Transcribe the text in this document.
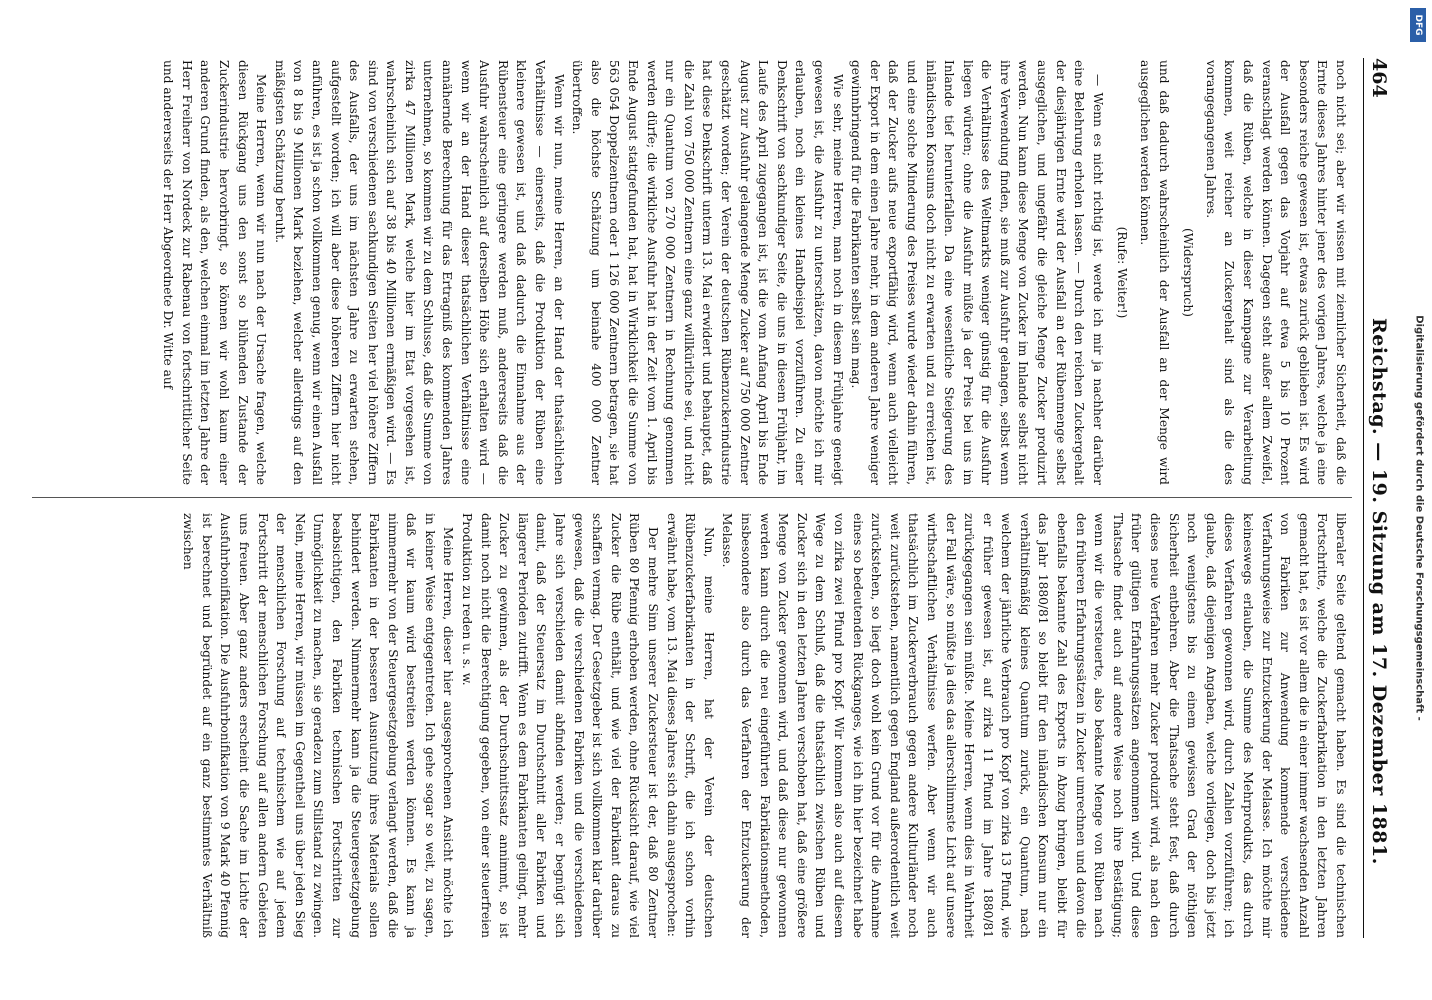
464
Reichstag. — 19. Sitzung am 17. Dezember 1881.

noch nicht sei; aber wir wissen mit ziemlicher Sicherheit, daß die Ernte dieses Jahres hinter jener des vorigen Jahres, welche ja eine besonders reiche gewesen ist, etwas zurück geblieben ist. Es wird der Ausfall gegen das Vorjahr auf etwa 5 bis 10 Prozent veranschlagt werden können. Dagegen steht außer allem Zweifel, daß die Rüben, welche in dieser Kampagne zur Verarbeitung kommen, weit reicher an Zuckergehalt sind als die des vorangegangenen Jahres.

(Widerspruch)

und daß dadurch wahrscheinlich der Ausfall an der Menge wird ausgeglichen werden können.

(Rufe: Weiter!)

— Wenn es nicht richtig ist, werde ich mir ja nachher darüber eine Belehrung erholen lassen. — Durch den reichen Zuckergehalt der diesjährigen Ernte wird der Ausfall an der Rübenmenge selbst ausgeglichen, und ungefähr die gleiche Menge Zucker produzirt werden. Nun kann diese Menge von Zucker im Inlande selbst nicht ihre Verwendung finden, sie muß zur Ausfuhr gelangen, selbst wenn die Verhältnisse des Weltmarkts weniger günstig für die Ausfuhr liegen würden; ohne die Ausfuhr müßte ja der Preis bei uns im Inlande tief herunterfallen. Da eine wesentliche Steigerung des inländischen Konsums doch nicht zu erwarten und zu erreichen ist, und eine solche Minderung des Preises wurde wieder dahin führen, daß der Zucker aufs neue exportfähig wird, wenn auch vielleicht der Export in dem einen Jahre mehr, in dem anderen Jahre weniger gewinnbringend für die Fabrikanten selbst sein mag.

Wie sehr, meine Herren, man noch in diesem Frühjahre geneigt gewesen ist, die Ausfuhr zu unterschätzen, davon möchte ich mir erlauben, noch ein kleines Handbeispiel vorzuführen. Zu einer Denkschrift von sachkundiger Seite, die uns in diesem Frühjahr, im Laufe des April zugegangen ist, ist die vom Anfang April bis Ende August zur Ausfuhr gelangende Menge Zucker auf 750 000 Zentner geschätzt worden; der Verein der deutschen Rübenzuckerindustrie hat diese Denkschrift unterm 13. Mai erwidert und behauptet, daß die Zahl von 750 000 Zentnern eine ganz willkürliche sei, und nicht nur ein Quantum von 270 000 Zentnern in Rechnung genommen werden dürfe; die wirkliche Ausfuhr hat in der Zeit vom 1. April bis Ende August stattgefunden hat, hat in Wirklichkeit die Summe von 563 054 Doppelzentnern oder 1 126 000 Zentnern betragen, sie hat also die höchste Schätzung um beinahe 400 000 Zentner übertroffen.

Wenn wir nun, meine Herren, an der Hand der thatsächlichen Verhältnisse — einerseits, daß die Produktion der Rüben eine kleinere gewesen ist, und daß dadurch die Einnahme aus der Rübensteuer eine geringere werden muß, andererseits daß die Ausfuhr wahrscheinlich auf derselben Höhe sich erhalten wird — wenn wir an der Hand dieser thatsächlichen Verhältnisse eine annähernde Berechnung für das Ertragniß des kommenden Jahres unternehmen, so kommen wir zu dem Schlusse, daß die Summe von zirka 47 Millionen Mark, welche hier im Etat vorgesehen ist, wahrscheinlich sich auf 38 bis 40 Millionen ermäßigen wird. — Es sind von verschiedenen sachkundigen Seiten her viel höhere Ziffern des Ausfalls, der uns im nächsten Jahre zu erwarten stehen, aufgestellt worden; ich will aber diese höheren Ziffern hier nicht anführen, es ist ja schon vollkommen genug, wenn wir einen Ausfall von 8 bis 9 Millionen Mark beziehen, welcher allerdings auf den mäßigsten Schätzung beruht.

Meine Herren, wenn wir nun nach der Ursache fragen, welche diesen Rückgang uns den sonst so blühenden Zustande der Zuckerindustrie hervorbringt, so können wir wohl kaum einer anderen Grund finden, als den, welchen einmal im letzten Jahre der Herr Freiherr von Nordeck zur Rabenau von fortschrittlicher Seite und andererseits der Herr Abgeordnete Dr. Witte auf

liberaler Seite geltend gemacht haben. Es sind die technischen Fortschritte, welche die Zuckerfabrikation in den letzten Jahren gemacht hat, es ist vor allem die in einer immer wachsenden Anzahl von Fabriken zur Anwendung kommende verschiedene Verfahrungsweise zur Entzuckerung der Melasse. Ich möchte mir keineswegs erlauben, die Summe des Mehrprodukts, das durch dieses Verfahren gewonnen wird, durch Zahlen vorzuführen; ich glaube, daß diejenigen Angaben, welche vorliegen, doch bis jetzt noch wenigstens bis zu einem gewissen Grad der nöthigen Sicherheit entbehren. Aber die Thatsache steht fest, daß durch dieses neue Verfahren mehr Zucker produzirt wird, als nach den früher gültigen Erfahrungssätzen angenommen wird. Und diese Thatsache findet auch auf andere Weise noch ihre Bestätigung; wenn wir die versteuerte, also bekannte Menge von Rüben nach den früheren Erfahrungssätzen in Zucker umrechnen und davon die ebenfalls bekannte Zahl des Exports in Abzug bringen, bleibt für das Jahr 1880/81 so bleibt für den inländischen Konsum nur ein verhältnißmäßig kleines Quantum zurück, ein Quantum, nach welchem der jährliche Verbrauch pro Kopf von zirka 13 Pfund, wie er früher gewesen ist, auf zirka 11 Pfund im Jahre 1880/81 zurückgegangen sein müßte. Meine Herren, wenn dies in Wahrheit der Fall wäre, so müßte ja dies das allerschlimmste Licht auf unsere wirthschaftlichen Verhältnisse werfen. Aber wenn wir auch thatsächlich im Zuckerverbrauch gegen andere Kulturländer noch weit zurückstehen, namentlich gegen England außerordentlich weit zurückstehen, so liegt doch wohl kein Grund vor für die Annahme eines so bedeutenden Rückganges, wie ich ihn hier bezeichnet habe von zirka zwei Pfund pro Kopf. Wir kommen also auch auf diesem Wege zu dem Schluß, daß die thatsächlich zwischen Rüben und Zucker sich in den letzten Jahren verschoben hat, daß eine größere Menge von Zucker gewonnen wird, und daß diese nur gewonnen werden kann durch die neu eingeführten Fabrikationsmethoden, insbesondere also durch das Verfahren der Entzuckerung der Melasse.

Nun, meine Herren, hat der Verein der deutschen Rübenzuckerfabrikanten in der Schrift, die ich schon vorhin erwähnt habe, vom 13. Mai dieses Jahres sich dahin ausgesprochen:

Der mehre Sinn unserer Zuckersteuer ist der, daß 80 Zentner Rüben 80 Pfennig erhoben werden, ohne Rücksicht darauf, wie viel Zucker die Rübe enthält, und wie viel der Fabrikant daraus zu schaffen vermag. Der Gesetzgeber ist sich vollkommen klar darüber gewesen, daß die verschiedenen Fabriken und die verschiedenen Jahre sich verschieden damit abfinden werden; er begnügt sich damit, daß der Steuersatz im Durchschnitt aller Fabriken und längerer Perioden zutrifft. Wenn es dem Fabrikanten gelingt, mehr Zucker zu gewinnen, als der Durchschnittssatz annimmt, so ist damit noch nicht die Berechtigung gegeben, von einer steuerfreien Produktion zu reden u. s. w.

Meine Herren, dieser hier ausgesprochenen Ansicht möchte ich in keiner Weise entgegentreten. Ich gehe sogar so weit, zu sagen, daß wir kaum wird bestreiten werden können. Es kann ja nimmermehr von der Steuergesetzgebung verlangt werden, daß die Fabrikanten in der besseren Ausnutzung ihres Materials sollen behindert werden. Nimmermehr kann ja die Steuergesetzgebung beabsichtigen, den Fabriken technischen Fortschritten zur Unmöglichkeit zu machen, sie geradezu zum Stillstand zu zwingen. Nein, meine Herren, wir müssen im Gegentheil uns über jeden Sieg der menschlichen Forschung auf technischem wie auf jedem Fortschritt der menschlichen Forschung auf allen andern Gebieten uns freuen. Aber ganz anders erscheint die Sache im Lichte der Ausfuhrbonifikation. Die Ausfuhrbonifikation von 9 Mark 40 Pfennig ist berechnet und begründet auf ein ganz bestimmtes Verhältniß zwischen

DFG
Digitalisierung gefördert durch die Deutsche Forschungsgemeinschaft -
